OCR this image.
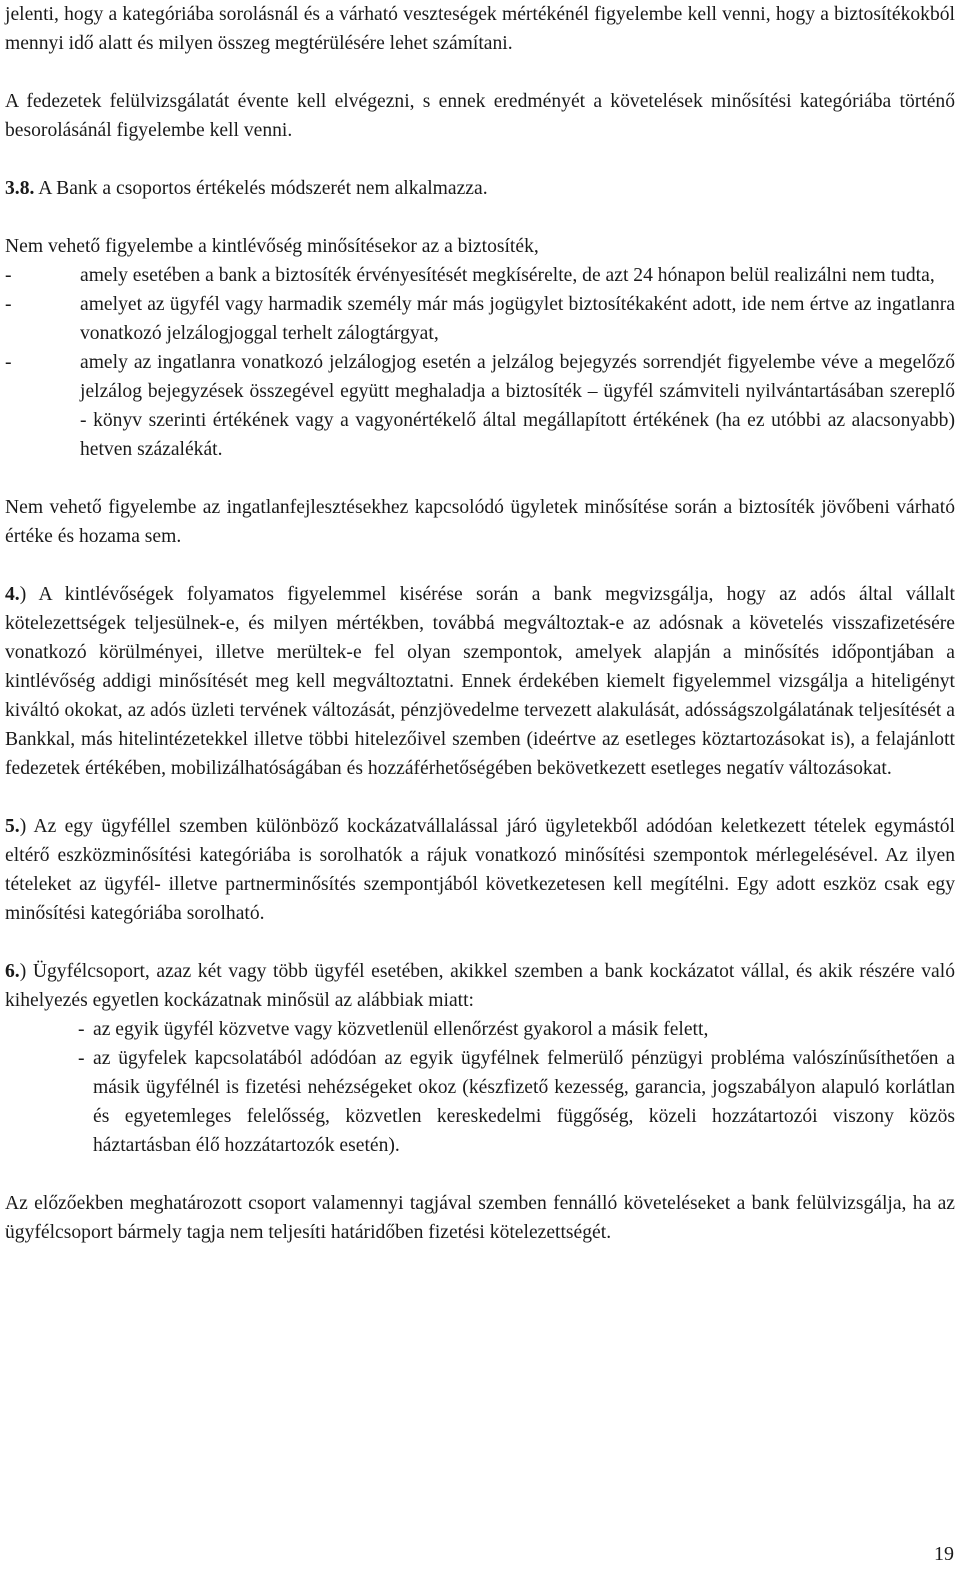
jelenti, hogy a kategóriába sorolásnál és a várható veszteségek mértékénél figyelembe kell venni, hogy a biztosítékokból mennyi idő alatt és milyen összeg megtérülésére lehet számítani.

A fedezetek felülvizsgálatát évente kell elvégezni, s ennek eredményét a követelések minősítési kategóriába történő besorolásánál figyelembe kell venni.

3.8. A Bank a csoportos értékelés módszerét nem alkalmazza.

Nem vehető figyelembe a kintlévőség minősítésekor az a biztosíték,

-	amely esetében a bank a biztosíték érvényesítését megkísérelte, de azt 24 hónapon belül realizálni nem tudta,
-	amelyet az ügyfél vagy harmadik személy már más jogügylet biztosítékaként adott, ide nem értve az ingatlanra vonatkozó jelzálogjoggal terhelt zálogtárgyat,
-	amely az ingatlanra vonatkozó jelzálogjog esetén a jelzálog bejegyzés sorrendjét figyelembe véve a megelőző jelzálog bejegyzések összegével együtt meghaladja a biztosíték – ügyfél számviteli nyilvántartásában szereplő - könyv szerinti értékének vagy a vagyonértékelő által megállapított értékének (ha ez utóbbi az alacsonyabb) hetven százalékát.

Nem vehető figyelembe az ingatlanfejlesztésekhez kapcsolódó ügyletek minősítése során a biztosíték jövőbeni várható értéke és hozama sem.

4.) A kintlévőségek folyamatos figyelemmel kisérése során a bank megvizsgálja, hogy az adós által vállalt kötelezettségek teljesülnek-e, és milyen mértékben, továbbá megváltoztak-e az adósnak a követelés visszafizetésére vonatkozó körülményei, illetve merültek-e fel olyan szempontok, amelyek alapján a minősítés időpontjában a kintlévőség addigi minősítését meg kell megváltoztatni. Ennek érdekében kiemelt figyelemmel vizsgálja a hiteligényt kiváltó okokat, az adós üzleti tervének változását, pénzjövedelme tervezett alakulását, adósságszolgálatának teljesítését a Bankkal, más hitelintézetekkel illetve többi hitelezőivel szemben (ideértve az esetleges köztartozásokat is), a felajánlott fedezetek értékében, mobilizálhatóságában és hozzáférhetőségében bekövetkezett esetleges negatív változásokat.

5.) Az egy ügyféllel szemben különböző kockázatvállalással járó ügyletekből adódóan keletkezett tételek egymástól eltérő eszközminősítési kategóriába is sorolhatók a rájuk vonatkozó minősítési szempontok mérlegelésével. Az ilyen tételeket az ügyfél- illetve partnerminősítés szempontjából következetesen kell megítélni. Egy adott eszköz csak egy minősítési kategóriába sorolható.

6.) Ügyfélcsoport, azaz két vagy több ügyfél esetében, akikkel szemben a bank kockázatot vállal, és akik részére való kihelyezés egyetlen kockázatnak minősül az alábbiak miatt:

- az egyik ügyfél közvetve vagy közvetlenül ellenőrzést gyakorol a másik felett,
- az ügyfelek kapcsolatából adódóan az egyik ügyfélnek felmerülő pénzügyi probléma valószínűsíthetően a másik ügyfélnél is fizetési nehézségeket okoz (készfizető kezesség, garancia, jogszabályon alapuló korlátlan és egyetemleges felelősség, közvetlen kereskedelmi függőség, közeli hozzátartozói viszony közös háztartásban élő hozzátartozók esetén).

Az előzőekben meghatározott csoport valamennyi tagjával szemben fennálló követeléseket a bank felülvizsgálja, ha az ügyfélcsoport bármely tagja nem teljesíti határidőben fizetési kötelezettségét.

19
